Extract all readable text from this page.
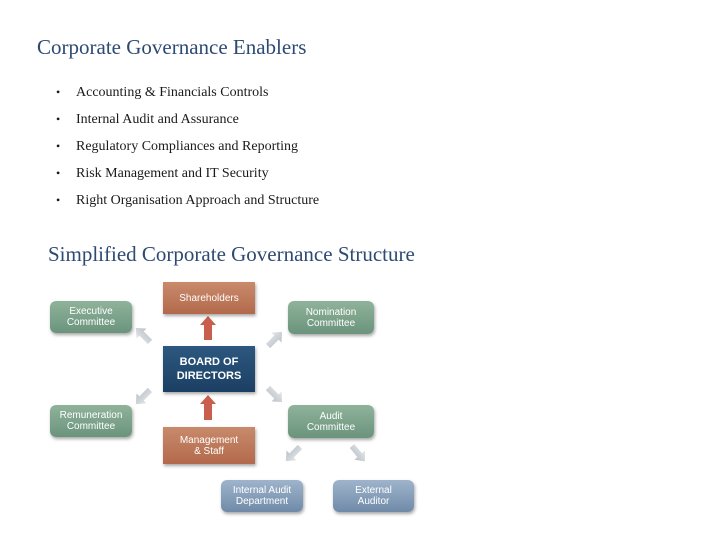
Corporate Governance Enablers
• Accounting & Financials Controls
• Internal Audit and Assurance
• Regulatory Compliances and Reporting
• Risk Management and IT Security
• Right Organisation Approach and Structure
Simplified Corporate Governance Structure
Shareholders
BOARD OF
DIRECTORS
Management
& Staff
Executive
Committee
Nomination
Committee
Remuneration
Committee
Audit
Committee
Internal Audit
Department
External
Auditor
